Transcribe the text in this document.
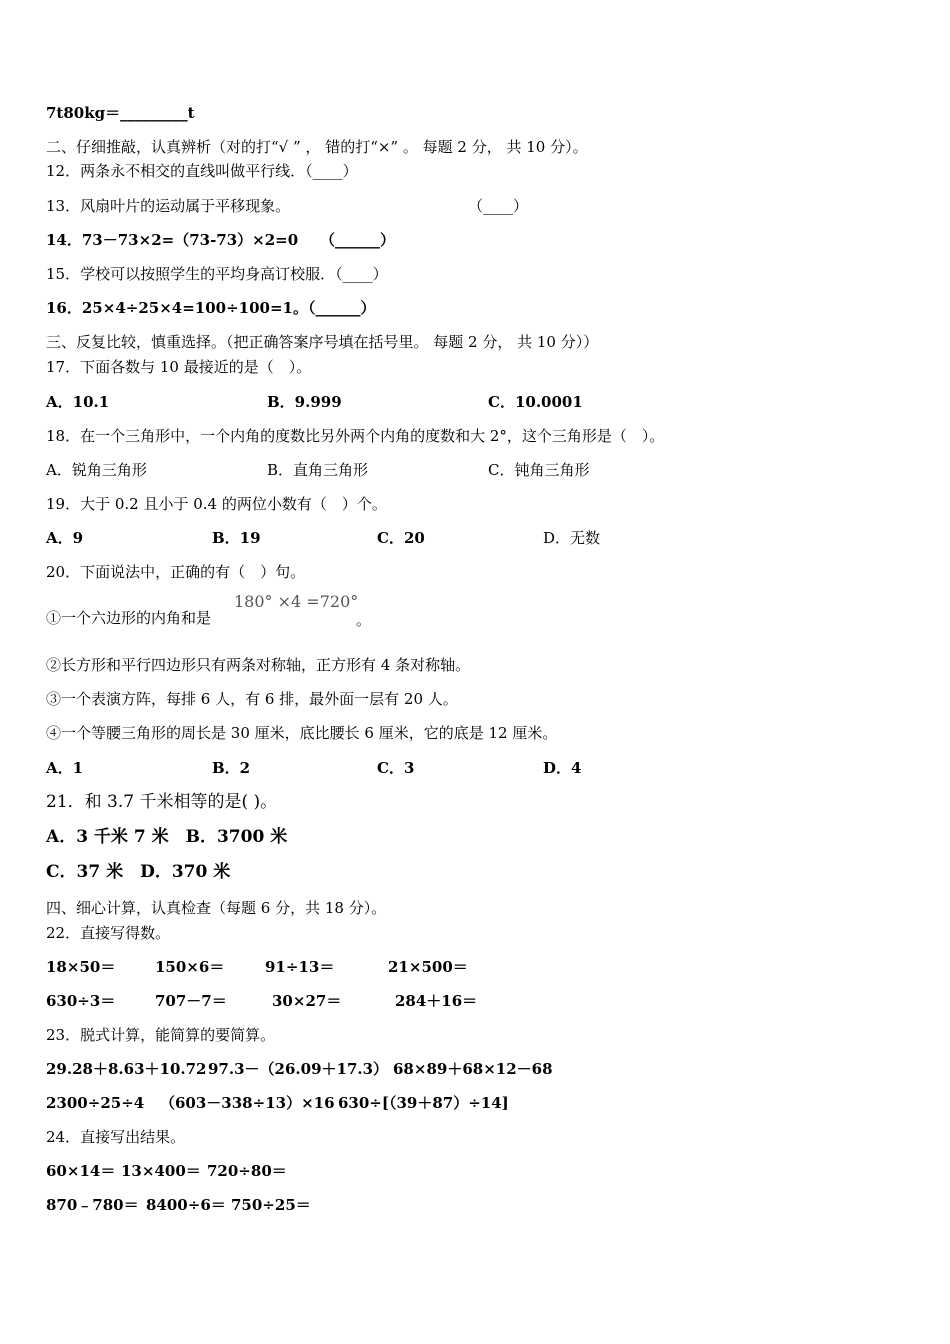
7t80kg＝_________t
二、仔细推敲，认真辨析（对的打“√ ” ， 错的打“×” 。 每题 2 分， 共 10 分）。
12．两条永不相交的直线叫做平行线．（____）
13．风扇叶片的运动属于平移现象。	（____）
14．73－73×2=（73-73）×2=0 （______）
15．学校可以按照学生的平均身高订校服．（____）
16．25×4÷25×4=100÷100=1。（______）
三、反复比较，慎重选择。（把正确答案序号填在括号里。 每题 2 分， 共 10 分））
17．下面各数与 10 最接近的是（　）。
A．10.1	B．9.999	C．10.0001
18．在一个三角形中，一个内角的度数比另外两个内角的度数和大 2°，这个三角形是（　）。
A．锐角三角形	B．直角三角形	C．钝角三角形
19．大于 0.2 且小于 0.4 的两位小数有（　）个。
A．9	B．19	C．20	D．无数
20．下面说法中，正确的有（　）句。
①一个六边形的内角和是
180° ×4 =720°
。
②长方形和平行四边形只有两条对称轴，正方形有 4 条对称轴。
③一个表演方阵，每排 6 人，有 6 排，最外面一层有 20 人。
④一个等腰三角形的周长是 30 厘米，底比腰长 6 厘米，它的底是 12 厘米。
A．1	B．2	C．3	D．4
21．和 3.7 千米相等的是( )。
A．3 千米 7 米　B．3700 米
C．37 米　D．370 米
四、细心计算，认真检查（每题 6 分，共 18 分）。
22．直接写得数。
18×50＝	150×6＝	91÷13＝	21×500＝
630÷3＝	707－7＝	30×27＝	284＋16＝
23．脱式计算，能简算的要简算。
29.28＋8.63＋10.72 97.3－（26.09＋17.3） 68×89＋68×12－68
2300÷25÷4 （603－338÷13）×16 630÷[（39＋87）÷14]
24．直接写出结果。
60×14＝ 13×400＝ 720÷80＝
870﹣780＝ 8400÷6＝ 750÷25＝
